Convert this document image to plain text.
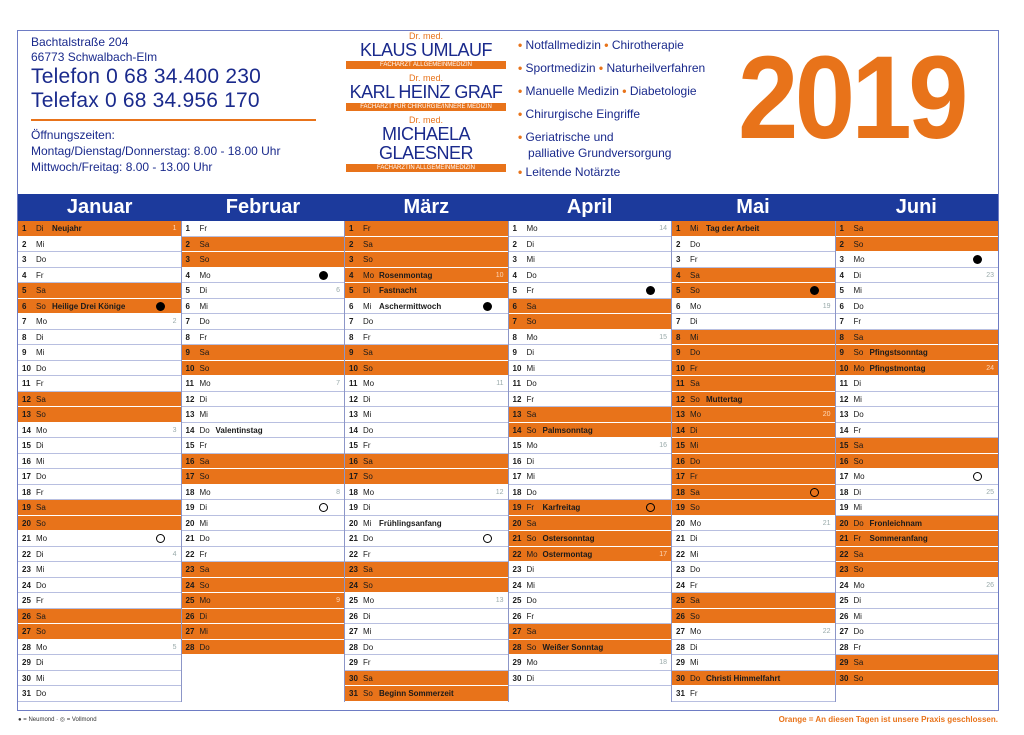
Bachtalstraße 204
66773 Schwalbach-Elm
Telefon 0 68 34.400 230
Telefax 0 68 34.956 170
Öffnungszeiten:
Montag/Dienstag/Donnerstag: 8.00 - 18.00 Uhr
Mittwoch/Freitag: 8.00 - 13.00 Uhr
Dr. med.
KLAUS UMLAUF
FACHARZT ALLGEMEINMEDIZIN
Dr. med.
KARL HEINZ GRAF
FACHARZT FÜR CHIRURGIE/INNERE MEDIZIN
Dr. med.
MICHAELA GLAESNER
FACHÄRZTIN ALLGEMEINMEDIZIN
• Notfallmedizin • Chirotherapie
• Sportmedizin • Naturheilverfahren
• Manuelle Medizin • Diabetologie
• Chirurgische Eingriffe
• Geriatrische und
palliative Grundversorgung
• Leitende Notärzte
2019
Januar	Februar	März	April	Mai	Juni
1 Di Neujahr	1
2 Mi
3 Do
4 Fr
5 Sa
6 So Heilige Drei Könige
7 Mo	2
8 Di
9 Mi
10 Do
11 Fr
12 Sa
13 So
14 Mo	3
15 Di
16 Mi
17 Do
18 Fr
19 Sa
20 So
21 Mo
22 Di	4
23 Mi
24 Do
25 Fr
26 Sa
27 So
28 Mo	5
29 Di
30 Mi
31 Do
1 Fr
2 Sa
3 So
4 Mo
5 Di	6
6 Mi
7 Do
8 Fr
9 Sa
10 So
11 Mo	7
12 Di
13 Mi
14 Do Valentinstag
15 Fr
16 Sa
17 So
18 Mo	8
19 Di
20 Mi
21 Do
22 Fr
23 Sa
24 So
25 Mo	9
26 Di
27 Mi
28 Do
1 Fr
2 Sa
3 So
4 Mo Rosenmontag	10
5 Di Fastnacht
6 Mi Aschermittwoch
7 Do
8 Fr
9 Sa
10 So
11 Mo	11
12 Di
13 Mi
14 Do
15 Fr
16 Sa
17 So
18 Mo	12
19 Di
20 Mi Frühlingsanfang
21 Do
22 Fr
23 Sa
24 So
25 Mo	13
26 Di
27 Mi
28 Do
29 Fr
30 Sa
31 So Beginn Sommerzeit
1 Mo	14
2 Di
3 Mi
4 Do
5 Fr
6 Sa
7 So
8 Mo	15
9 Di
10 Mi
11 Do
12 Fr
13 Sa
14 So Palmsonntag
15 Mo	16
16 Di
17 Mi
18 Do
19 Fr Karfreitag
20 Sa
21 So Ostersonntag
22 Mo Ostermontag	17
23 Di
24 Mi
25 Do
26 Fr
27 Sa
28 So Weißer Sonntag
29 Mo	18
30 Di
1 Mi Tag der Arbeit
2 Do
3 Fr
4 Sa
5 So
6 Mo	19
7 Di
8 Mi
9 Do
10 Fr
11 Sa
12 So Muttertag
13 Mo	20
14 Di
15 Mi
16 Do
17 Fr
18 Sa
19 So
20 Mo	21
21 Di
22 Mi
23 Do
24 Fr
25 Sa
26 So
27 Mo	22
28 Di
29 Mi
30 Do Christi Himmelfahrt
31 Fr
1 Sa
2 So
3 Mo
4 Di	23
5 Mi
6 Do
7 Fr
8 Sa
9 So Pfingstsonntag
10 Mo Pfingstmontag	24
11 Di
12 Mi
13 Do
14 Fr
15 Sa
16 So
17 Mo
18 Di	25
19 Mi
20 Do Fronleichnam
21 Fr Sommeranfang
22 Sa
23 So
24 Mo	26
25 Di
26 Mi
27 Do
28 Fr
29 Sa
30 So
● = Neumond · ◎ = Vollmond	Orange = An diesen Tagen ist unsere Praxis geschlossen.
